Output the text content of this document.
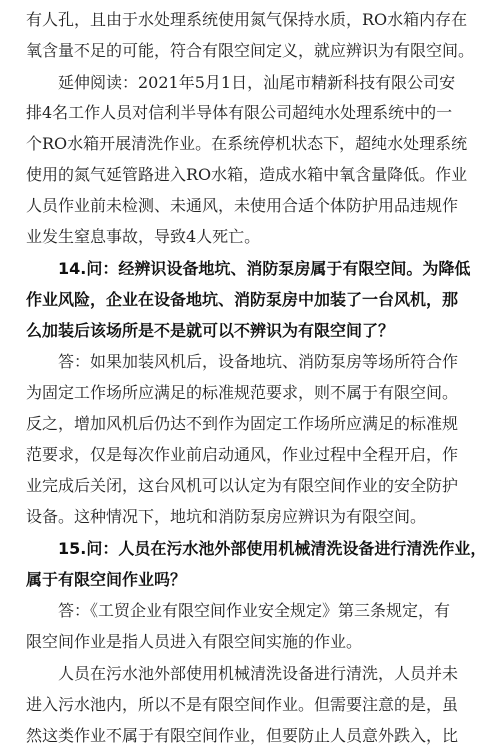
有人孔，且由于水处理系统使用氮气保持水质，RO水箱内存在
氧含量不足的可能，符合有限空间定义，就应辨识为有限空间。
延伸阅读：2021年5月1日，汕尾市精新科技有限公司安
排4名工作人员对信利半导体有限公司超纯水处理系统中的一
个RO水箱开展清洗作业。在系统停机状态下，超纯水处理系统
使用的氮气延管路进入RO水箱，造成水箱中氧含量降低。作业
人员作业前未检测、未通风，未使用合适个体防护用品违规作
业发生窒息事故，导致4人死亡。
14.问：经辨识设备地坑、消防泵房属于有限空间。为降低
作业风险，企业在设备地坑、消防泵房中加装了一台风机，那
么加装后该场所是不是就可以不辨识为有限空间了？
答：如果加装风机后，设备地坑、消防泵房等场所符合作
为固定工作场所应满足的标准规范要求，则不属于有限空间。
反之，增加风机后仍达不到作为固定工作场所应满足的标准规
范要求，仅是每次作业前启动通风，作业过程中全程开启，作
业完成后关闭，这台风机可以认定为有限空间作业的安全防护
设备。这种情况下，地坑和消防泵房应辨识为有限空间。
15.问：人员在污水池外部使用机械清洗设备进行清洗作业，
属于有限空间作业吗？
答：《工贸企业有限空间作业安全规定》第三条规定，有
限空间作业是指人员进入有限空间实施的作业。
人员在污水池外部使用机械清洗设备进行清洗，人员并未
进入污水池内，所以不是有限空间作业。但需要注意的是，虽
然这类作业不属于有限空间作业，但要防止人员意外跌入，比
